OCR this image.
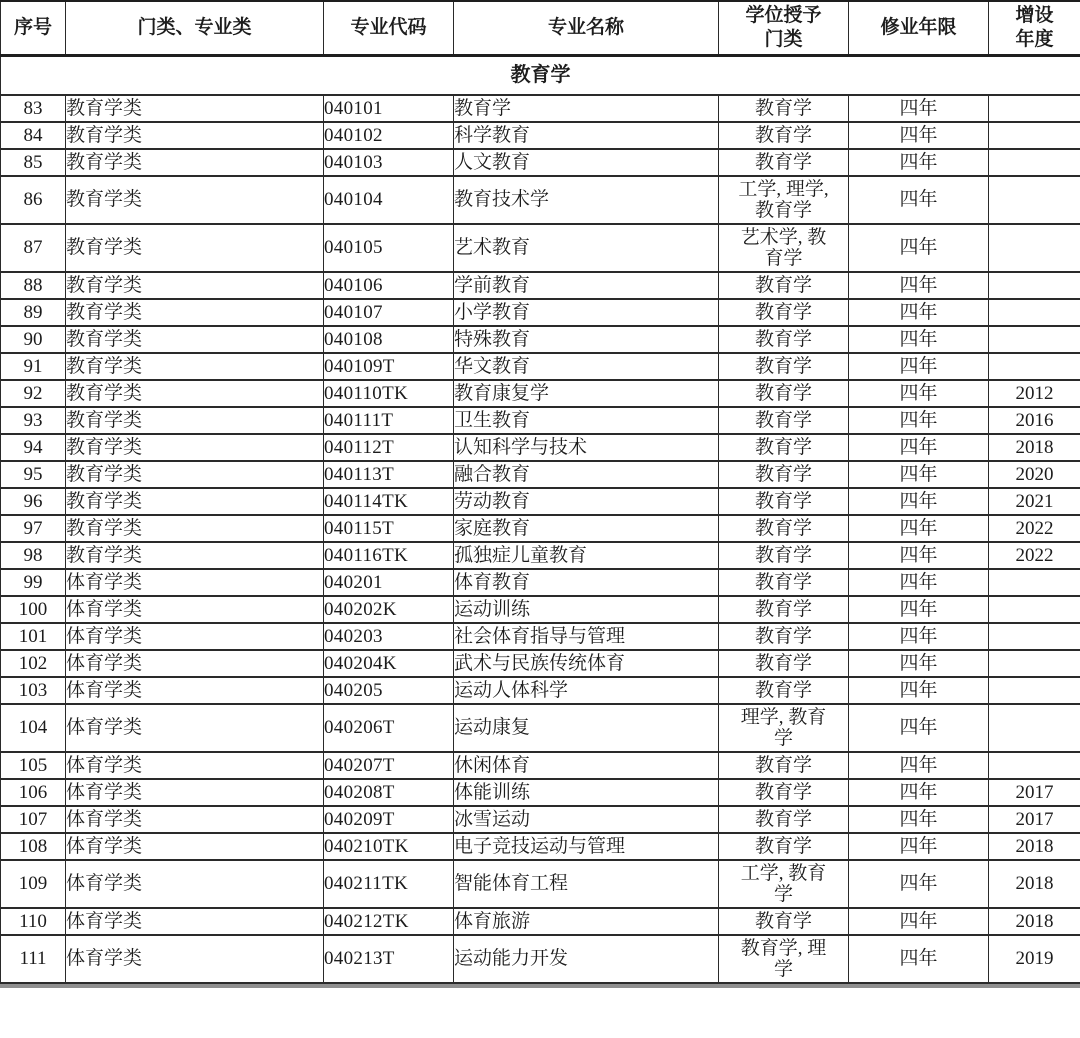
序号	门类、专业类	专业代码	专业名称	学位授予门类	修业年限	增设年度

教育学						
83	教育学类	040101	教育学	教育学	四年	
84	教育学类	040102	科学教育	教育学	四年	
85	教育学类	040103	人文教育	教育学	四年	
86	教育学类	040104	教育技术学	工学, 理学, 教育学	四年	
87	教育学类	040105	艺术教育	艺术学, 教育学	四年	
88	教育学类	040106	学前教育	教育学	四年	
89	教育学类	040107	小学教育	教育学	四年	
90	教育学类	040108	特殊教育	教育学	四年	
91	教育学类	040109T	华文教育	教育学	四年	
92	教育学类	040110TK	教育康复学	教育学	四年	2012
93	教育学类	040111T	卫生教育	教育学	四年	2016
94	教育学类	040112T	认知科学与技术	教育学	四年	2018
95	教育学类	040113T	融合教育	教育学	四年	2020
96	教育学类	040114TK	劳动教育	教育学	四年	2021
97	教育学类	040115T	家庭教育	教育学	四年	2022
98	教育学类	040116TK	孤独症儿童教育	教育学	四年	2022
99	体育学类	040201	体育教育	教育学	四年	
100	体育学类	040202K	运动训练	教育学	四年	
101	体育学类	040203	社会体育指导与管理	教育学	四年	
102	体育学类	040204K	武术与民族传统体育	教育学	四年	
103	体育学类	040205	运动人体科学	教育学	四年	
104	体育学类	040206T	运动康复	理学, 教育学	四年	
105	体育学类	040207T	休闲体育	教育学	四年	
106	体育学类	040208T	体能训练	教育学	四年	2017
107	体育学类	040209T	冰雪运动	教育学	四年	2017
108	体育学类	040210TK	电子竞技运动与管理	教育学	四年	2018
109	体育学类	040211TK	智能体育工程	工学, 教育学	四年	2018
110	体育学类	040212TK	体育旅游	教育学	四年	2018
111	体育学类	040213T	运动能力开发	教育学, 理学	四年	2019
